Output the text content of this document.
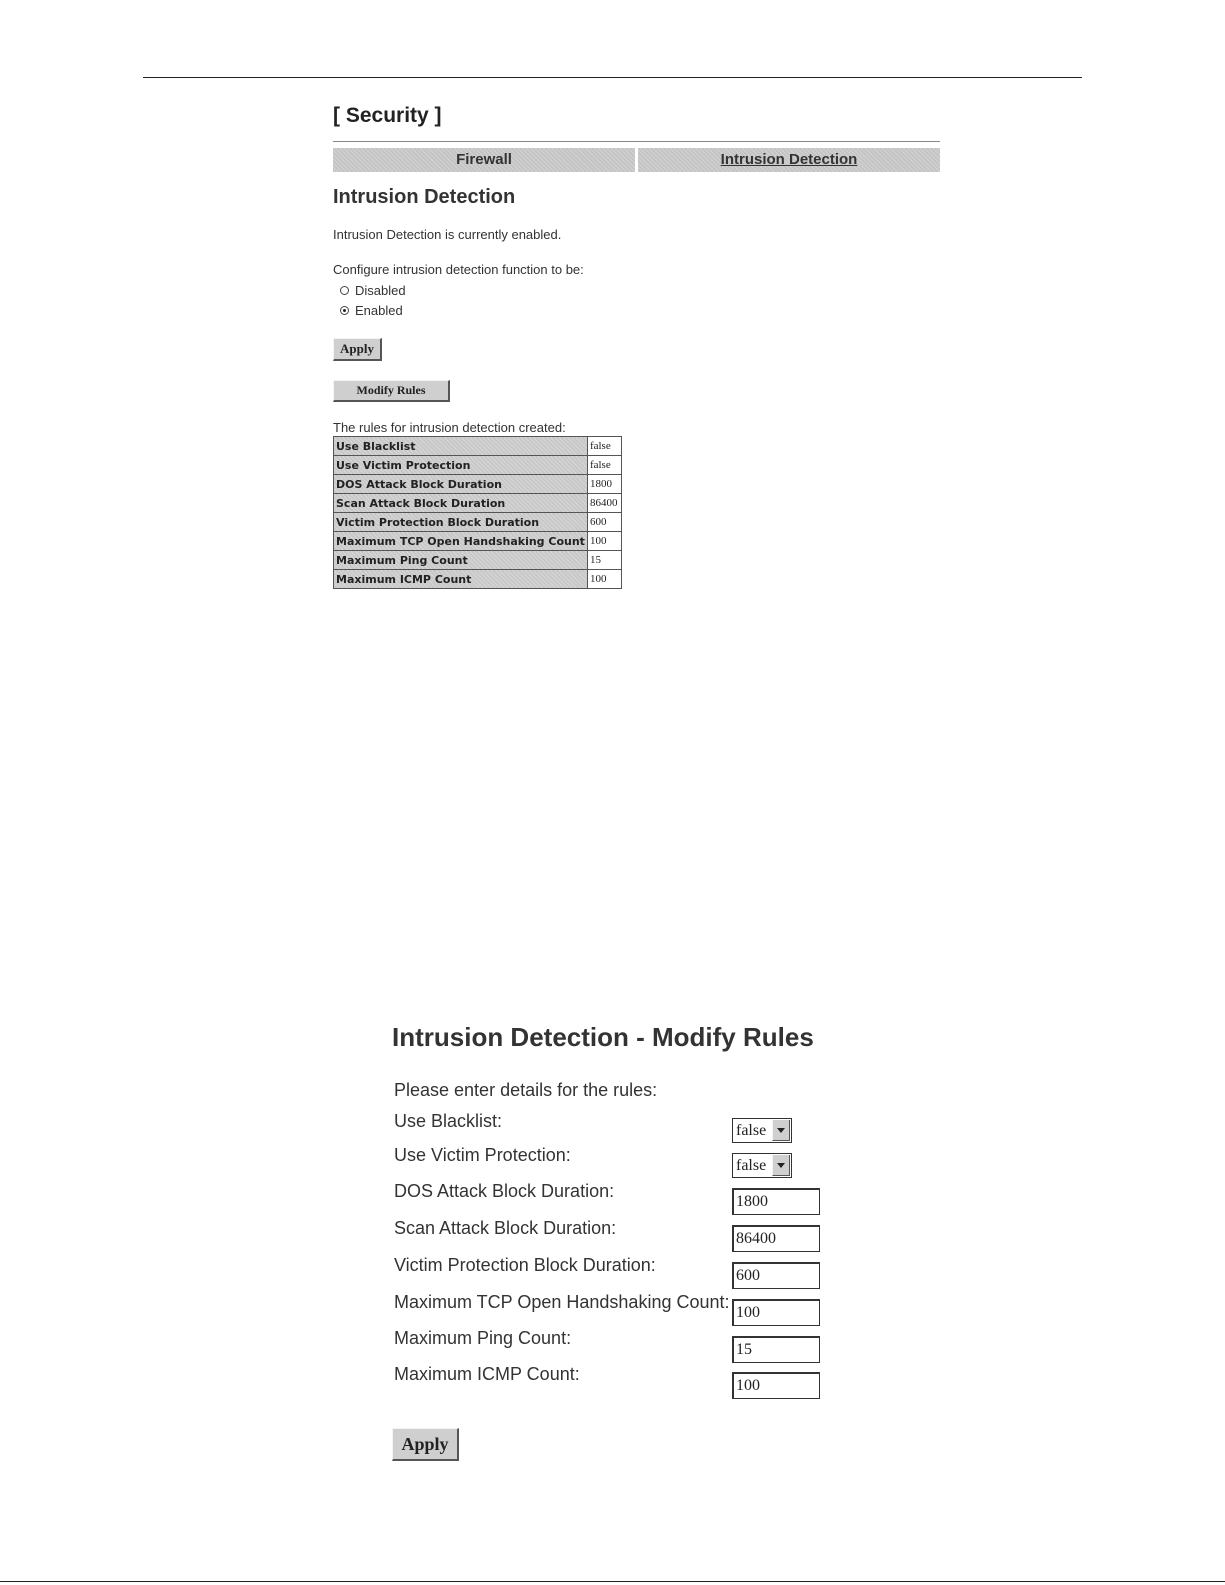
[ Security ]
Firewall	Intrusion Detection
Intrusion Detection
Intrusion Detection is currently enabled.
Configure intrusion detection function to be:
Disabled
Enabled
Apply
Modify Rules
The rules for intrusion detection created:
Use Blacklist	false
Use Victim Protection	false
DOS Attack Block Duration	1800
Scan Attack Block Duration	86400
Victim Protection Block Duration	600
Maximum TCP Open Handshaking Count	100
Maximum Ping Count	15
Maximum ICMP Count	100
Intrusion Detection - Modify Rules
Please enter details for the rules:
Use Blacklist:	false
Use Victim Protection:	false
DOS Attack Block Duration:
1800
Scan Attack Block Duration:
86400
Victim Protection Block Duration:
600
Maximum TCP Open Handshaking Count:
100
Maximum Ping Count:
15
Maximum ICMP Count:
100
Apply
